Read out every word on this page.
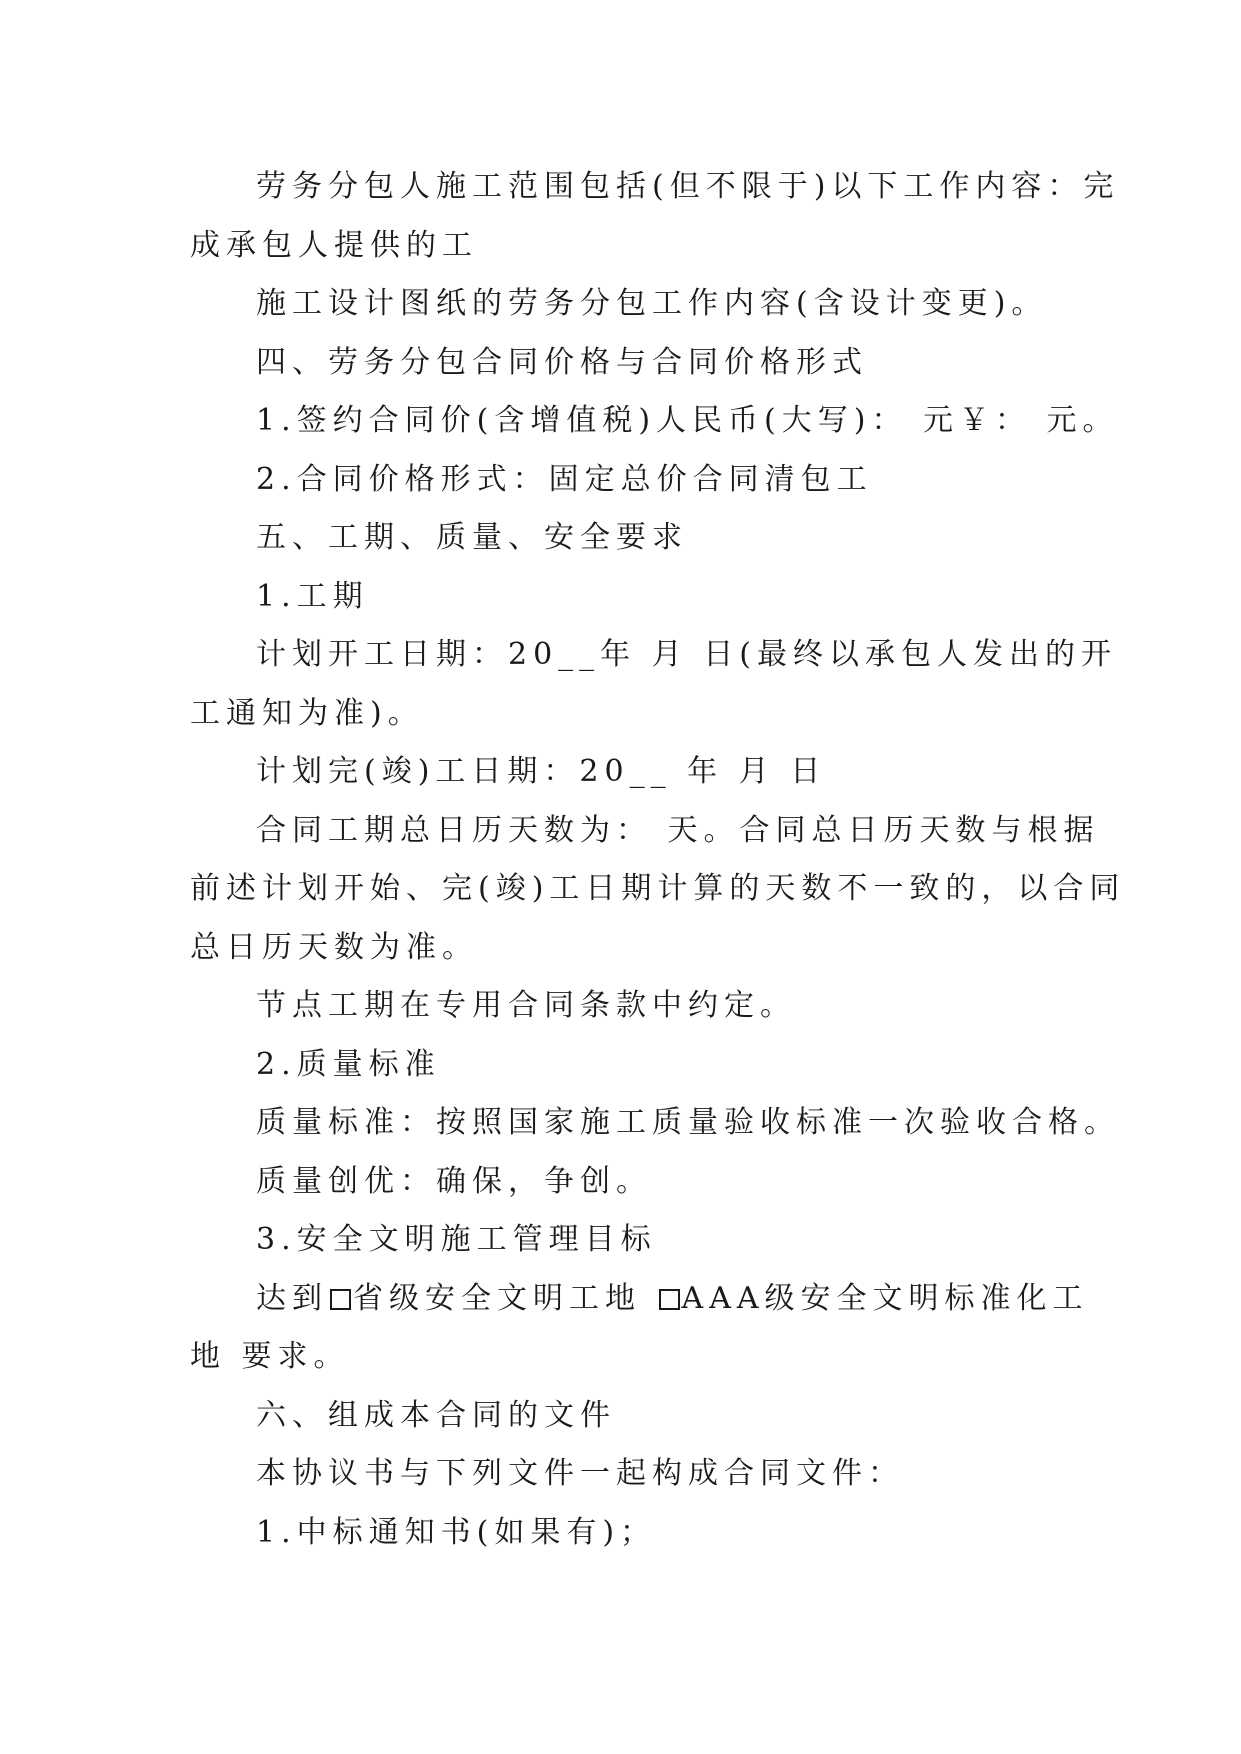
劳务分包人施工范围包括(但不限于)以下工作内容：完

成承包人提供的工

施工设计图纸的劳务分包工作内容(含设计变更)。

四、劳务分包合同价格与合同价格形式

1.签约合同价(含增值税)人民币(大写)： 元￥： 元。

2.合同价格形式：固定总价合同清包工

五、工期、质量、安全要求

1.工期

计划开工日期：20__年 月 日(最终以承包人发出的开

工通知为准)。

计划完(竣)工日期：20__ 年 月 日

合同工期总日历天数为： 天。合同总日历天数与根据

前述计划开始、完(竣)工日期计算的天数不一致的，以合同

总日历天数为准。

节点工期在专用合同条款中约定。

2.质量标准

质量标准：按照国家施工质量验收标准一次验收合格。

质量创优：确保，争创。

3.安全文明施工管理目标

达到 省级安全文明工地 AAA级安全文明标准化工

地 要求。

六、组成本合同的文件

本协议书与下列文件一起构成合同文件：

1.中标通知书(如果有)；
